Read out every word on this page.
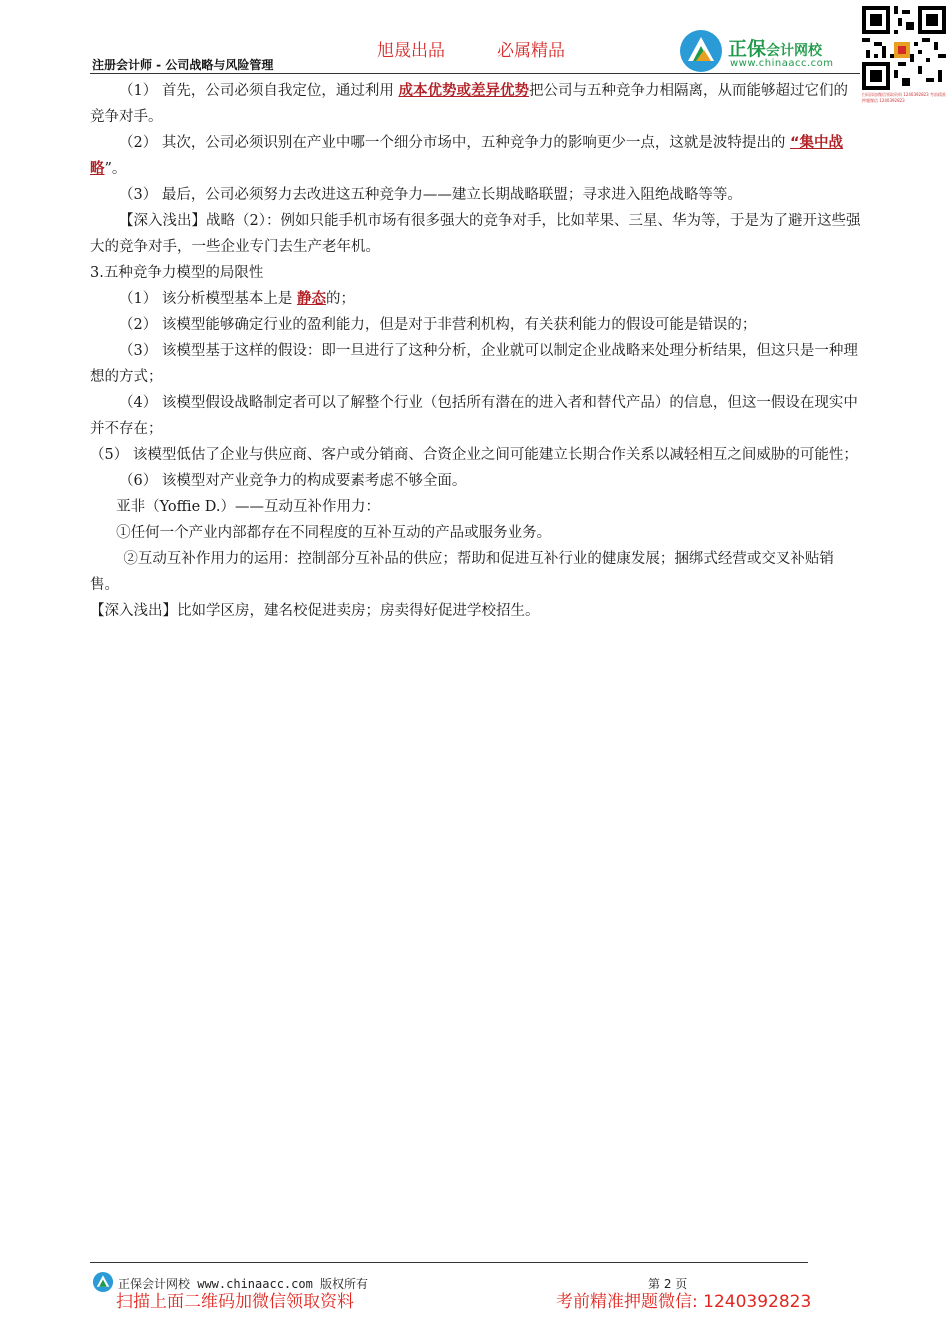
旭晟出品	必属精品
注册会计师 - 公司战略与风险管理
正保会计网校
www.chinaacc.com
扫码添加微信领取资料 1240392823 考前精准押题微信 1240392823

（1） 首先，公司必须自我定位，通过利用 成本优势或差异优势把公司与五种竞争力相隔离，从而能够超过它们的竞争对手。

（2） 其次，公司必须识别在产业中哪一个细分市场中，五种竞争力的影响更少一点，这就是波特提出的 “集中战略”。

（3） 最后，公司必须努力去改进这五种竞争力——建立长期战略联盟；寻求进入阻绝战略等等。

【深入浅出】战略（2）：例如只能手机市场有很多强大的竞争对手，比如苹果、三星、华为等，于是为了避开这些强大的竞争对手，一些企业专门去生产老年机。

3.五种竞争力模型的局限性

（1） 该分析模型基本上是 静态的；

（2） 该模型能够确定行业的盈利能力，但是对于非营利机构，有关获利能力的假设可能是错误的；

（3） 该模型基于这样的假设：即一旦进行了这种分析，企业就可以制定企业战略来处理分析结果，但这只是一种理想的方式；

（4） 该模型假设战略制定者可以了解整个行业（包括所有潜在的进入者和替代产品）的信息，但这一假设在现实中并不存在；

（5） 该模型低估了企业与供应商、客户或分销商、合资企业之间可能建立长期合作关系以减轻相互之间威胁的可能性；

（6） 该模型对产业竞争力的构成要素考虑不够全面。

亚非（Yoffie D.）——互动互补作用力：

①任何一个产业内部都存在不同程度的互补互动的产品或服务业务。

②互动互补作用力的运用：控制部分互补品的供应；帮助和促进互补行业的健康发展；捆绑式经营或交叉补贴销售。

【深入浅出】比如学区房，建名校促进卖房；房卖得好促进学校招生。

正保会计网校 www.chinaacc.com 版权所有	第 2 页
扫描上面二维码加微信领取资料	考前精准押题微信: 1240392823
